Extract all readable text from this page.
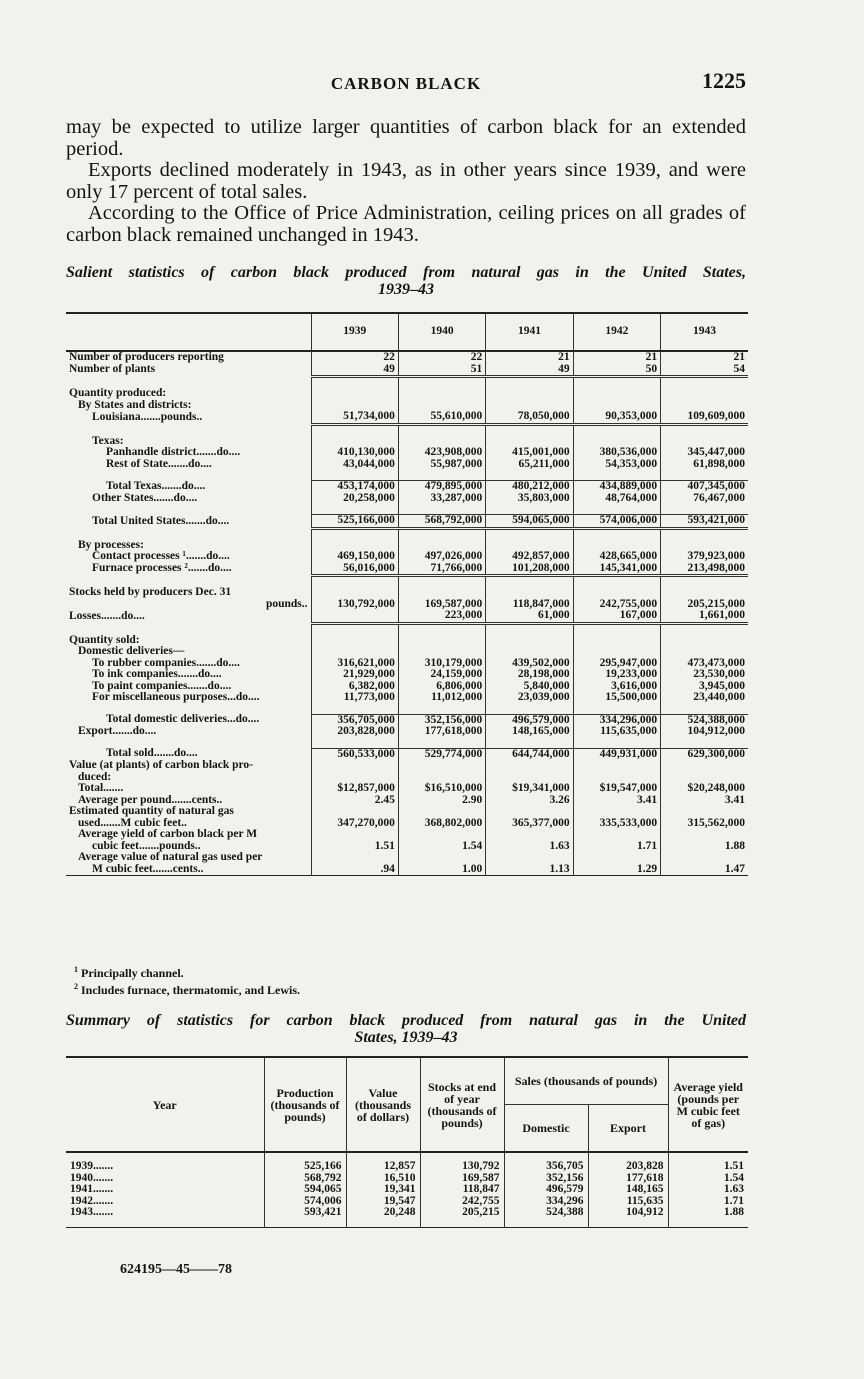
CARBON BLACK	1225

may be expected to utilize larger quantities of carbon black for an extended period.

Exports declined moderately in 1943, as in other years since 1939, and were only 17 percent of total sales.

According to the Office of Price Administration, ceiling prices on all grades of carbon black remained unchanged in 1943.

Salient statistics of carbon black produced from natural gas in the United States,
1939–43
	1939	1940	1941	1942	1943
Number of producers reporting	22	22	21	21	21
Number of plants	49	51	49	50	54

Quantity produced:					
By States and districts:					
Louisiana.......pounds..	51,734,000	55,610,000	78,050,000	90,353,000	109,609,000

Texas:					
Panhandle district.......do....	410,130,000	423,908,000	415,001,000	380,536,000	345,447,000
Rest of State.......do....	43,044,000	55,987,000	65,211,000	54,353,000	61,898,000

Total Texas.......do....	453,174,000	479,895,000	480,212,000	434,889,000	407,345,000
Other States.......do....	20,258,000	33,287,000	35,803,000	48,764,000	76,467,000

Total United States.......do....	525,166,000	568,792,000	594,065,000	574,006,000	593,421,000

By processes:					
Contact processes ¹.......do....	469,150,000	497,026,000	492,857,000	428,665,000	379,923,000
Furnace processes ².......do....	56,016,000	71,766,000	101,208,000	145,341,000	213,498,000

Stocks held by producers Dec. 31					
pounds..	130,792,000	169,587,000	118,847,000	242,755,000	205,215,000
Losses.......do....		223,000	61,000	167,000	1,661,000

Quantity sold:					
Domestic deliveries—					
To rubber companies.......do....	316,621,000	310,179,000	439,502,000	295,947,000	473,473,000
To ink companies.......do....	21,929,000	24,159,000	28,198,000	19,233,000	23,530,000
To paint companies.......do....	6,382,000	6,806,000	5,840,000	3,616,000	3,945,000
For miscellaneous purposes...do....	11,773,000	11,012,000	23,039,000	15,500,000	23,440,000

Total domestic deliveries...do....	356,705,000	352,156,000	496,579,000	334,296,000	524,388,000
Export.......do....	203,828,000	177,618,000	148,165,000	115,635,000	104,912,000

Total sold.......do....	560,533,000	529,774,000	644,744,000	449,931,000	629,300,000
Value (at plants) of carbon black pro-					
duced:					
Total.......	$12,857,000	$16,510,000	$19,341,000	$19,547,000	$20,248,000
Average per pound.......cents..	2.45	2.90	3.26	3.41	3.41
Estimated quantity of natural gas					
used.......M cubic feet..	347,270,000	368,802,000	365,377,000	335,533,000	315,562,000
Average yield of carbon black per M					
cubic feet.......pounds..	1.51	1.54	1.63	1.71	1.88
Average value of natural gas used per					
M cubic feet.......cents..	.94	1.00	1.13	1.29	1.47
$^1$ Principally channel.
$^2$ Includes furnace, thermatomic, and Lewis.
Summary of statistics for carbon black produced from natural gas in the United
States, 1939–43
Year	Production (thousands of pounds)	Value (thousands of dollars)	Stocks at end of year (thousands of pounds)	Sales (thousands of pounds)		Average yield (pounds per M cubic feet of gas)
				Domestic	Export	
1939.......	525,166	12,857	130,792	356,705	203,828	1.51
1940.......	568,792	16,510	169,587	352,156	177,618	1.54
1941.......	594,065	19,341	118,847	496,579	148,165	1.63
1942.......	574,006	19,547	242,755	334,296	115,635	1.71
1943.......	593,421	20,248	205,215	524,388	104,912	1.88
624195—45——78
